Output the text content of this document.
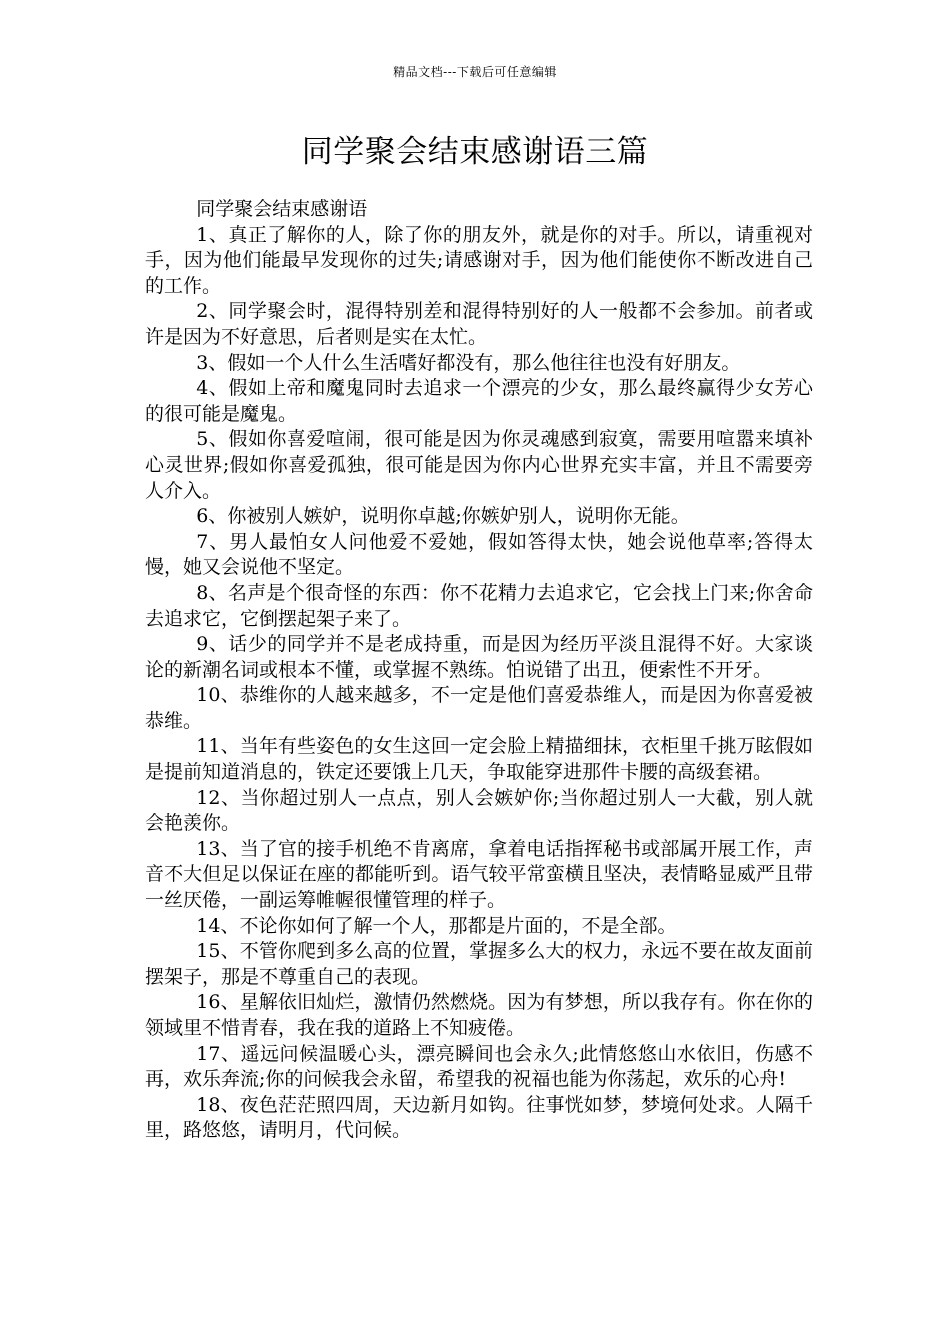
精品文档---下载后可任意编辑
同学聚会结束感谢语三篇

同学聚会结束感谢语

1、真正了解你的人，除了你的朋友外，就是你的对手。所以，请重视对手，因为他们能最早发现你的过失;请感谢对手，因为他们能使你不断改进自己的工作。

2、同学聚会时，混得特别差和混得特别好的人一般都不会参加。前者或许是因为不好意思，后者则是实在太忙。

3、假如一个人什么生活嗜好都没有，那么他往往也没有好朋友。

4、假如上帝和魔鬼同时去追求一个漂亮的少女，那么最终赢得少女芳心的很可能是魔鬼。

5、假如你喜爱喧闹，很可能是因为你灵魂感到寂寞，需要用喧嚣来填补心灵世界;假如你喜爱孤独，很可能是因为你内心世界充实丰富，并且不需要旁人介入。

6、你被别人嫉妒，说明你卓越;你嫉妒别人，说明你无能。

7、男人最怕女人问他爱不爱她，假如答得太快，她会说他草率;答得太慢，她又会说他不坚定。

8、名声是个很奇怪的东西：你不花精力去追求它，它会找上门来;你舍命去追求它，它倒摆起架子来了。

9、话少的同学并不是老成持重，而是因为经历平淡且混得不好。大家谈论的新潮名词或根本不懂，或掌握不熟练。怕说错了出丑，便索性不开牙。

10、恭维你的人越来越多，不一定是他们喜爱恭维人，而是因为你喜爱被恭维。

11、当年有些姿色的女生这回一定会脸上精描细抹，衣柜里千挑万眩假如是提前知道消息的，铁定还要饿上几天，争取能穿进那件卡腰的高级套裙。

12、当你超过别人一点点，别人会嫉妒你;当你超过别人一大截，别人就会艳羡你。

13、当了官的接手机绝不肯离席，拿着电话指挥秘书或部属开展工作，声音不大但足以保证在座的都能听到。语气较平常蛮横且坚决，表情略显威严且带一丝厌倦，一副运筹帷幄很懂管理的样子。

14、不论你如何了解一个人，那都是片面的，不是全部。

15、不管你爬到多么高的位置，掌握多么大的权力，永远不要在故友面前摆架子，那是不尊重自己的表现。

16、星解依旧灿烂，激情仍然燃烧。因为有梦想，所以我存有。你在你的领域里不惜青春，我在我的道路上不知疲倦。

17、遥远问候温暖心头，漂亮瞬间也会永久;此情悠悠山水依旧，伤感不再，欢乐奔流;你的问候我会永留，希望我的祝福也能为你荡起，欢乐的心舟!

18、夜色茫茫照四周，天边新月如钩。往事恍如梦，梦境何处求。人隔千里，路悠悠，请明月，代问候。
